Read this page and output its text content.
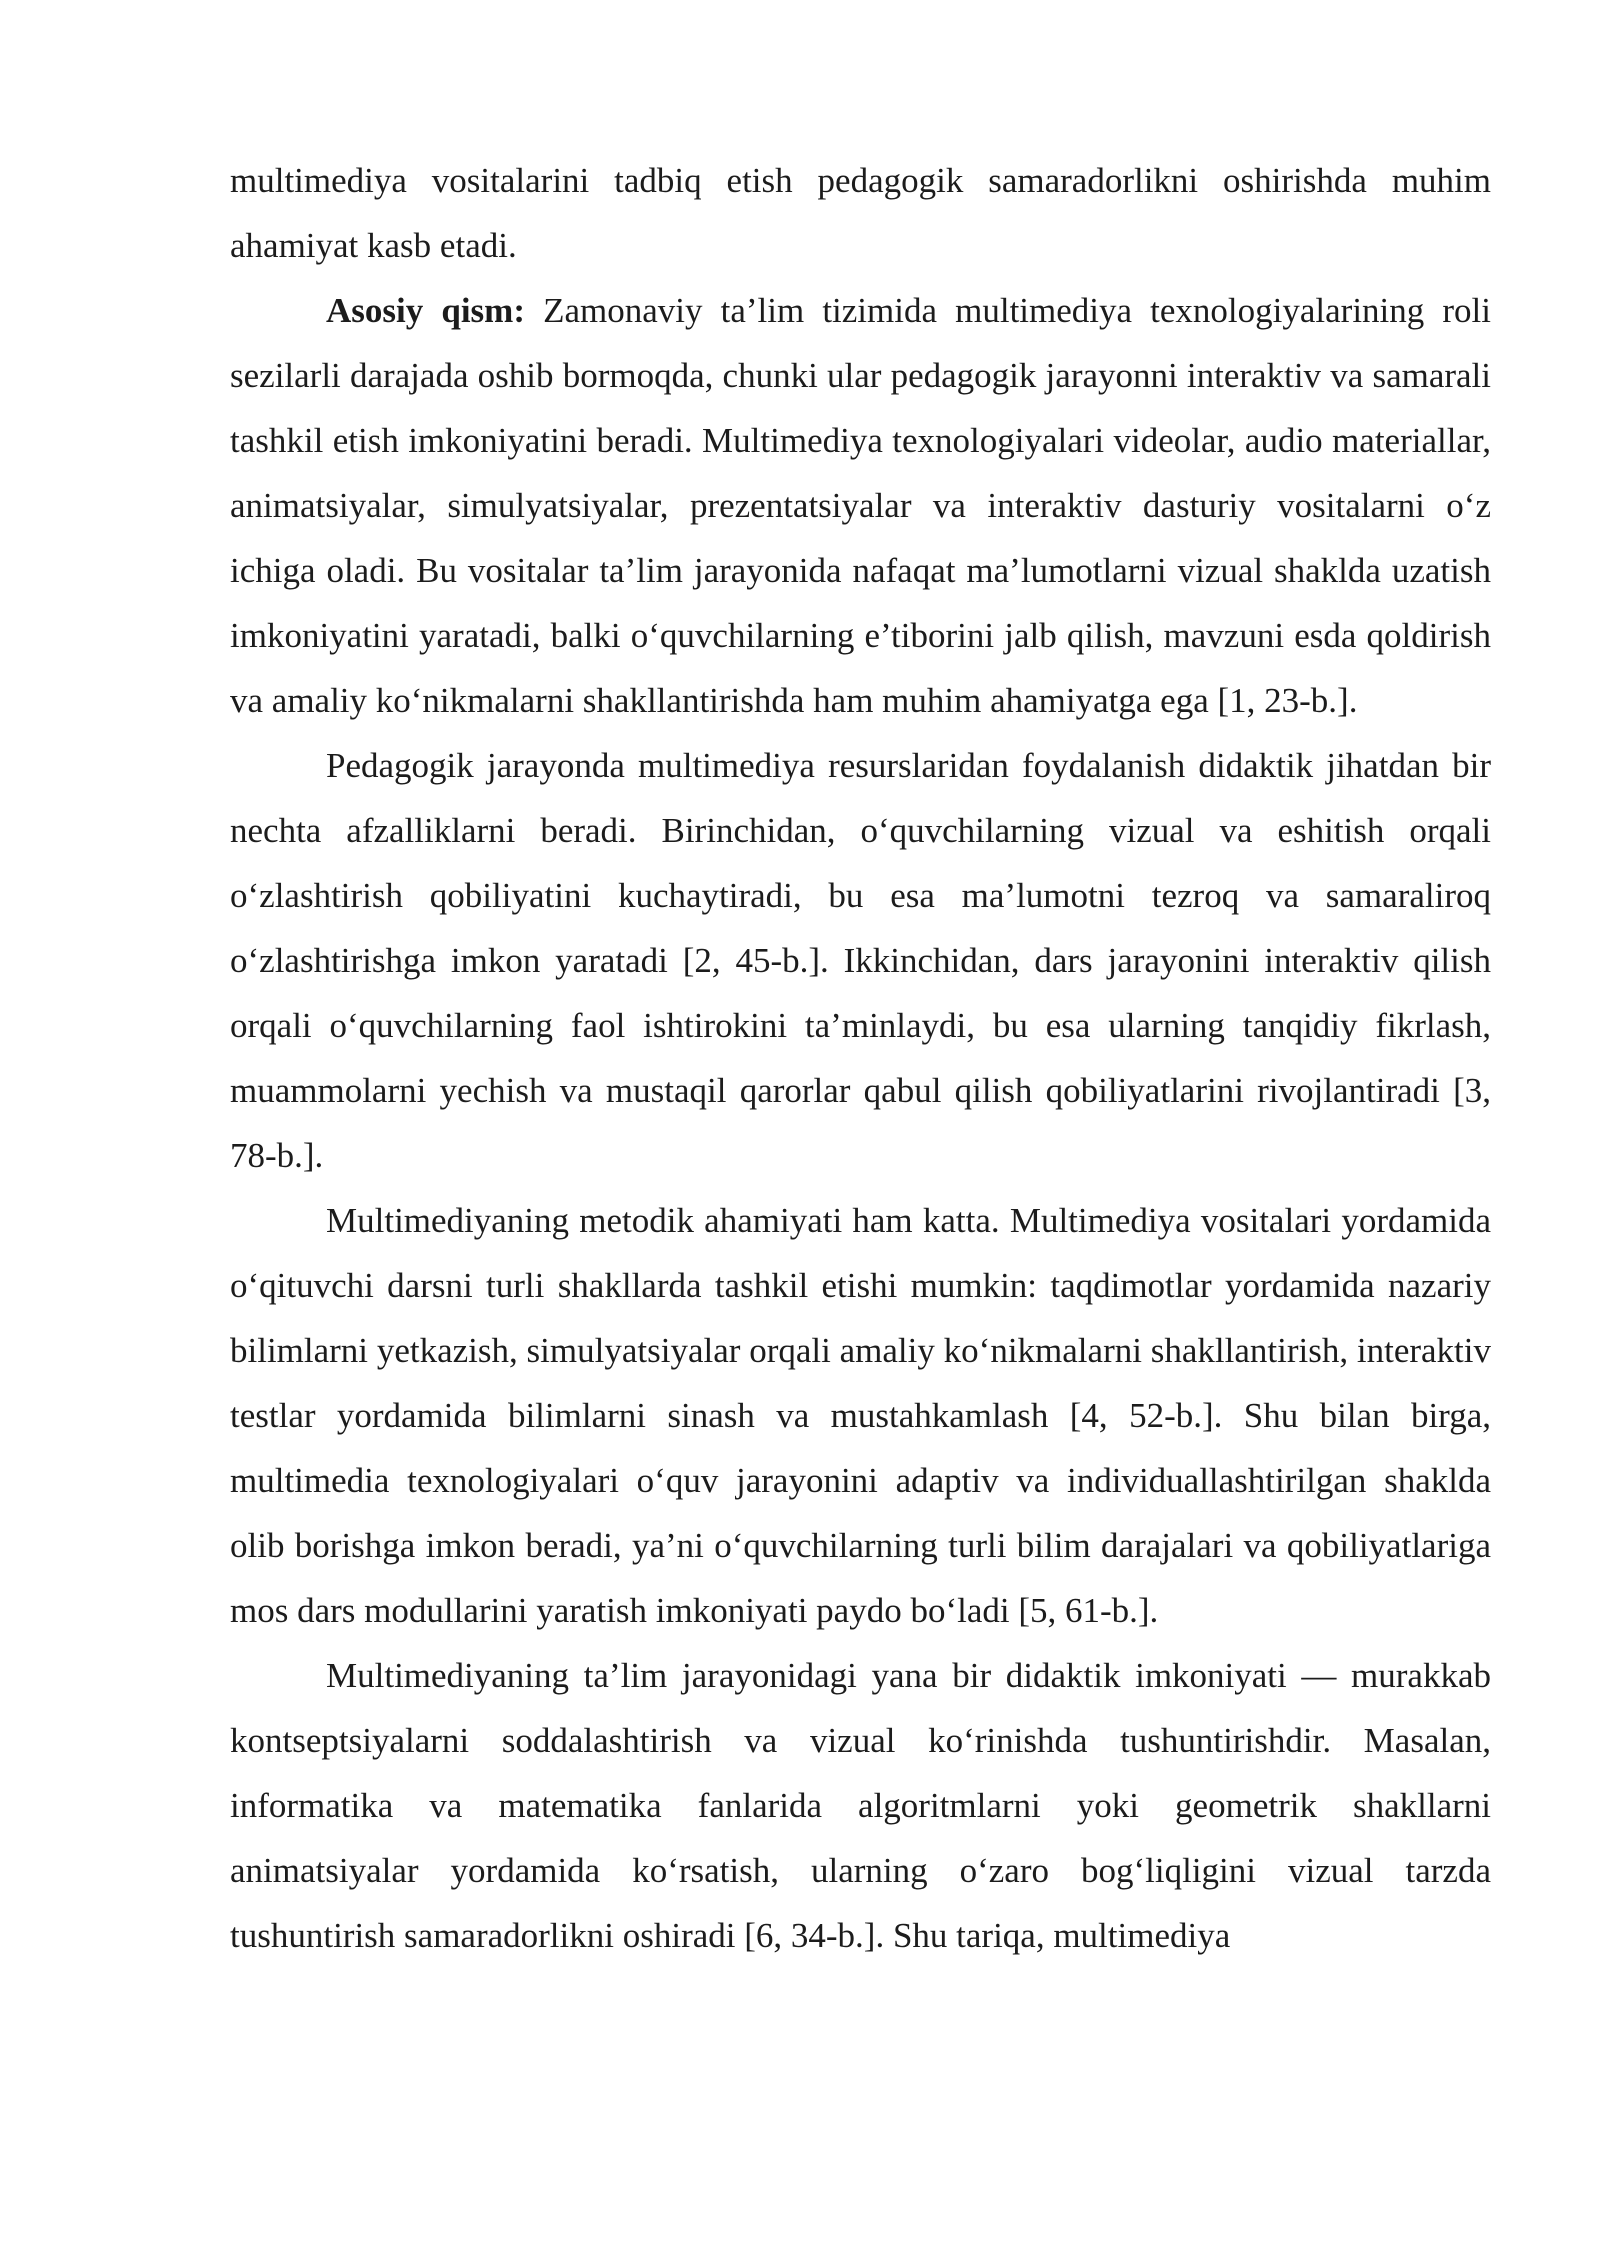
multimediya vositalarini tadbiq etish pedagogik samaradorlikni oshirishda muhim ahamiyat kasb etadi.

Asosiy qism: Zamonaviy ta’lim tizimida multimediya texnologiyalarining roli sezilarli darajada oshib bormoqda, chunki ular pedagogik jarayonni interaktiv va samarali tashkil etish imkoniyatini beradi. Multimediya texnologiyalari videolar, audio materiallar, animatsiyalar, simulyatsiyalar, prezentatsiyalar va interaktiv dasturiy vositalarni o‘z ichiga oladi. Bu vositalar ta’lim jarayonida nafaqat ma’lumotlarni vizual shaklda uzatish imkoniyatini yaratadi, balki o‘quvchilarning e’tiborini jalb qilish, mavzuni esda qoldirish va amaliy ko‘nikmalarni shakllantirishda ham muhim ahamiyatga ega [1, 23-b.].

Pedagogik jarayonda multimediya resurslaridan foydalanish didaktik jihatdan bir nechta afzalliklarni beradi. Birinchidan, o‘quvchilarning vizual va eshitish orqali o‘zlashtirish qobiliyatini kuchaytiradi, bu esa ma’lumotni tezroq va samaraliroq o‘zlashtirishga imkon yaratadi [2, 45-b.]. Ikkinchidan, dars jarayonini interaktiv qilish orqali o‘quvchilarning faol ishtirokini ta’minlaydi, bu esa ularning tanqidiy fikrlash, muammolarni yechish va mustaqil qarorlar qabul qilish qobiliyatlarini rivojlantiradi [3, 78-b.].

Multimediyaning metodik ahamiyati ham katta. Multimediya vositalari yordamida o‘qituvchi darsni turli shakllarda tashkil etishi mumkin: taqdimotlar yordamida nazariy bilimlarni yetkazish, simulyatsiyalar orqali amaliy ko‘nikmalarni shakllantirish, interaktiv testlar yordamida bilimlarni sinash va mustahkamlash [4, 52-b.]. Shu bilan birga, multimedia texnologiyalari o‘quv jarayonini adaptiv va individuallashtirilgan shaklda olib borishga imkon beradi, ya’ni o‘quvchilarning turli bilim darajalari va qobiliyatlariga mos dars modullarini yaratish imkoniyati paydo bo‘ladi [5, 61-b.].

Multimediyaning ta’lim jarayonidagi yana bir didaktik imkoniyati — murakkab kontseptsiyalarni soddalashtirish va vizual ko‘rinishda tushuntirishdir. Masalan, informatika va matematika fanlarida algoritmlarni yoki geometrik shakllarni animatsiyalar yordamida ko‘rsatish, ularning o‘zaro bog‘liqligini vizual tarzda tushuntirish samaradorlikni oshiradi [6, 34-b.]. Shu tariqa, multimediya
